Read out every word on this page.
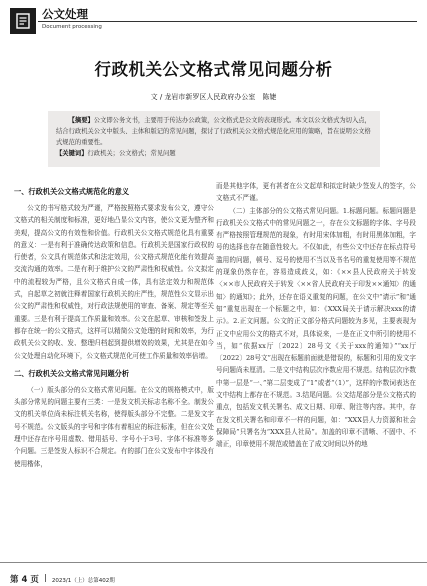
公文处理
Document processing
行政机关公文格式常见问题分析
文 / 龙岩市新罗区人民政府办公室　陈婕

【摘要】公文即公务文书，主要用于传达办公政策，公文格式是公文的表现形式。本文以公文格式为切入点，结合行政机关公文中版头、主体和版记的常见问题，探讨了行政机关公文格式规范化应用的策略，旨在说明公文格式规范的重要性。

【关键词】行政机关；公文格式；常见问题

一、行政机关公文格式规范化的意义

公文的书写格式较为严谨，严格按照格式要求发布公文，遵守公文格式的相关制度和标准，更好地凸显公文内容，使公文更为整齐和美观，提高公文的有效性和价值。行政机关公文格式规范化具有重要的意义：一是有利于准确传达政策和信息。行政机关是国家行政权的行使者，公文具有规范体式和法定效用，公文格式规范化能有效提高交流沟通的效率。二是有利于维护公文的严肃性和权威性。公文拟定中的流程较为严格，且公文格式自成一体，具有法定效力和规范体式，自起草之初就注释着国家行政机关的庄严性，规范性公文显示出公文的严肃性和权威性，对行政法规使用的审查、备案、规定等至关重要。三是有利于提高工作质量和效率。公文在起草、审核和签发上都存在统一的公文格式，这样可以精简公文处理的时间和效率，为行政机关公文的收、发、整理归档起到提供增效的效果，尤其是在如今公文处理自动化环境下，公文格式规范化可使工作质量和效率倍增。

二、行政机关公文格式常见问题分析

（一）版头部分的公文格式常见问题。在公文的规格模式中，版头部分常见的问题主要有三类：一是发文机关标志名称不全。制发公文的机关单位尚未标注机关名称，使得版头部分不完整。二是发文字号不规范。公文版头的字号和字体有着相应的标注标准，但在公文处理中还存在序号用虚数、错用括号、字号小于3号、字体不标准等多个问题。三是签发人标识不合规定。有的部门在公文发布中字体没有使用楷体，

而是其他字体，更有甚者在公文起草和拟定时缺少签发人的签字，公文格式不严谨。

（二）主体部分的公文格式常见问题。1.标题问题。标题问题是行政机关公文格式中的常见问题之一，存在公文标题的字体、字号段有严格按照管理规范的现象，有时用宋体加粗，有时用黑体加粗，字号的选择也存在随意性较大。不仅如此，有些公文中还存在标点符号滥用的问题，顿号、逗号的使用不当以及书名号的重复使用等不规范的现象仍然存在，容易造成歧义，如：《××县人民政府关于转发〈××市人民政府关于转发〈××省人民政府关于印发××通知〉的通知〉的通知》；此外，还存在语义重复的问题，在公文中“请示”和“通知”重复出现在一个标题之中，如：《XXX局关于请示解决xxx的请示》。2.正文问题。公文的正文部分格式问题较为多见，主要表现为正文中应用公文的格式不对，具体说来，一是在正文中所引的使用不当，如“依据xx厅〔2022〕28号文《关于xxx的通知》”“xx厅〔2022〕28号文”出现在标题前面就是错误的，标题和引用的发文字号问题尚未厘清。二是文中结构层次序数应用不规范。结构层次序数中第一层是“一、”第二层变成了“1”或者“（1）”，这样的序数词表达在文中结构上都存在不规范。3.结尾问题。公文结尾部分是公文格式的重点，包括发文机关署名、成文日期、印章、附注等内容。其中，存在发文机关署名和印章不一样的问题，如：“XXX县人力资源和社会保障局”只署名为“XXX县人社局”。加盖的印章不清晰、不固中、不端正，印章使用不规范或错盖在了成文时间以外的地

第 4 页 2023/1（上）总第402期
